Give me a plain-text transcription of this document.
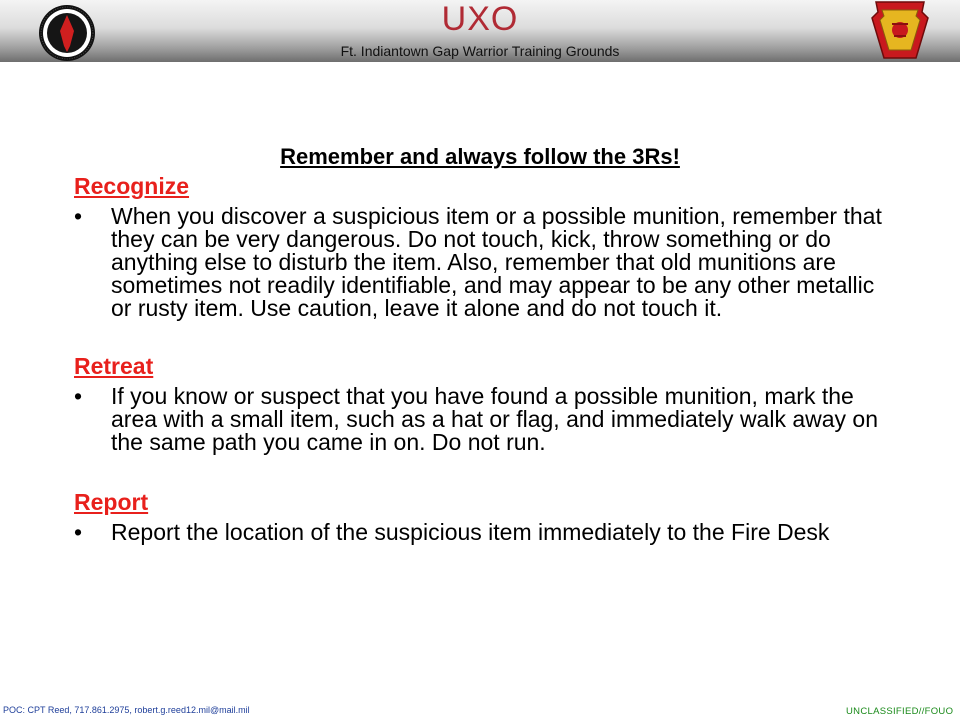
UXO
Ft. Indiantown Gap Warrior Training Grounds
Remember and always follow the 3Rs!
Recognize
• When you discover a suspicious item or a possible munition, remember that they can be very dangerous. Do not touch, kick, throw something or do anything else to disturb the item. Also, remember that old munitions are sometimes not readily identifiable, and may appear to be any other metallic or rusty item. Use caution, leave it alone and do not touch it.
Retreat
• If you know or suspect that you have found a possible munition, mark the area with a small item, such as a hat or flag, and immediately walk away on the same path you came in on. Do not run.
Report
• Report the location of the suspicious item immediately to the Fire Desk
POC: CPT Reed, 717.861.2975, robert.g.reed12.mil@mail.mil	UNCLASSIFIED//FOUO
